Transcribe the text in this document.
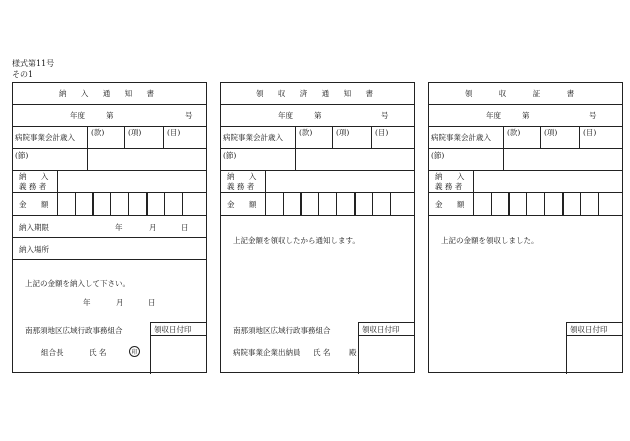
様式第11号
その1
納 入 通 知 書
年度	第	号
病院事業会計歳入
(款)	(項)	(目)
(節)
納 入
義 務 者
金 額
納入期限	年	月	日
納入場所
上記の金額を納入して下さい。
年	月	日
南那須地区広域行政事務組合
組合長	氏 名	印
領収日付印
領 収 済 通 知 書
年度	第	号
病院事業会計歳入
(款)	(項)	(目)
(節)
納 入
義 務 者
金 額
上記金額を領収したから通知します。
南那須地区広域行政事務組合
病院事業企業出納員 氏 名 殿
領収日付印
領 収 証 書
年度	第	号
病院事業会計歳入
(款)	(項)	(目)
(節)
納 入
義 務 者
金 額
上記の金額を領収しました。
領収日付印
